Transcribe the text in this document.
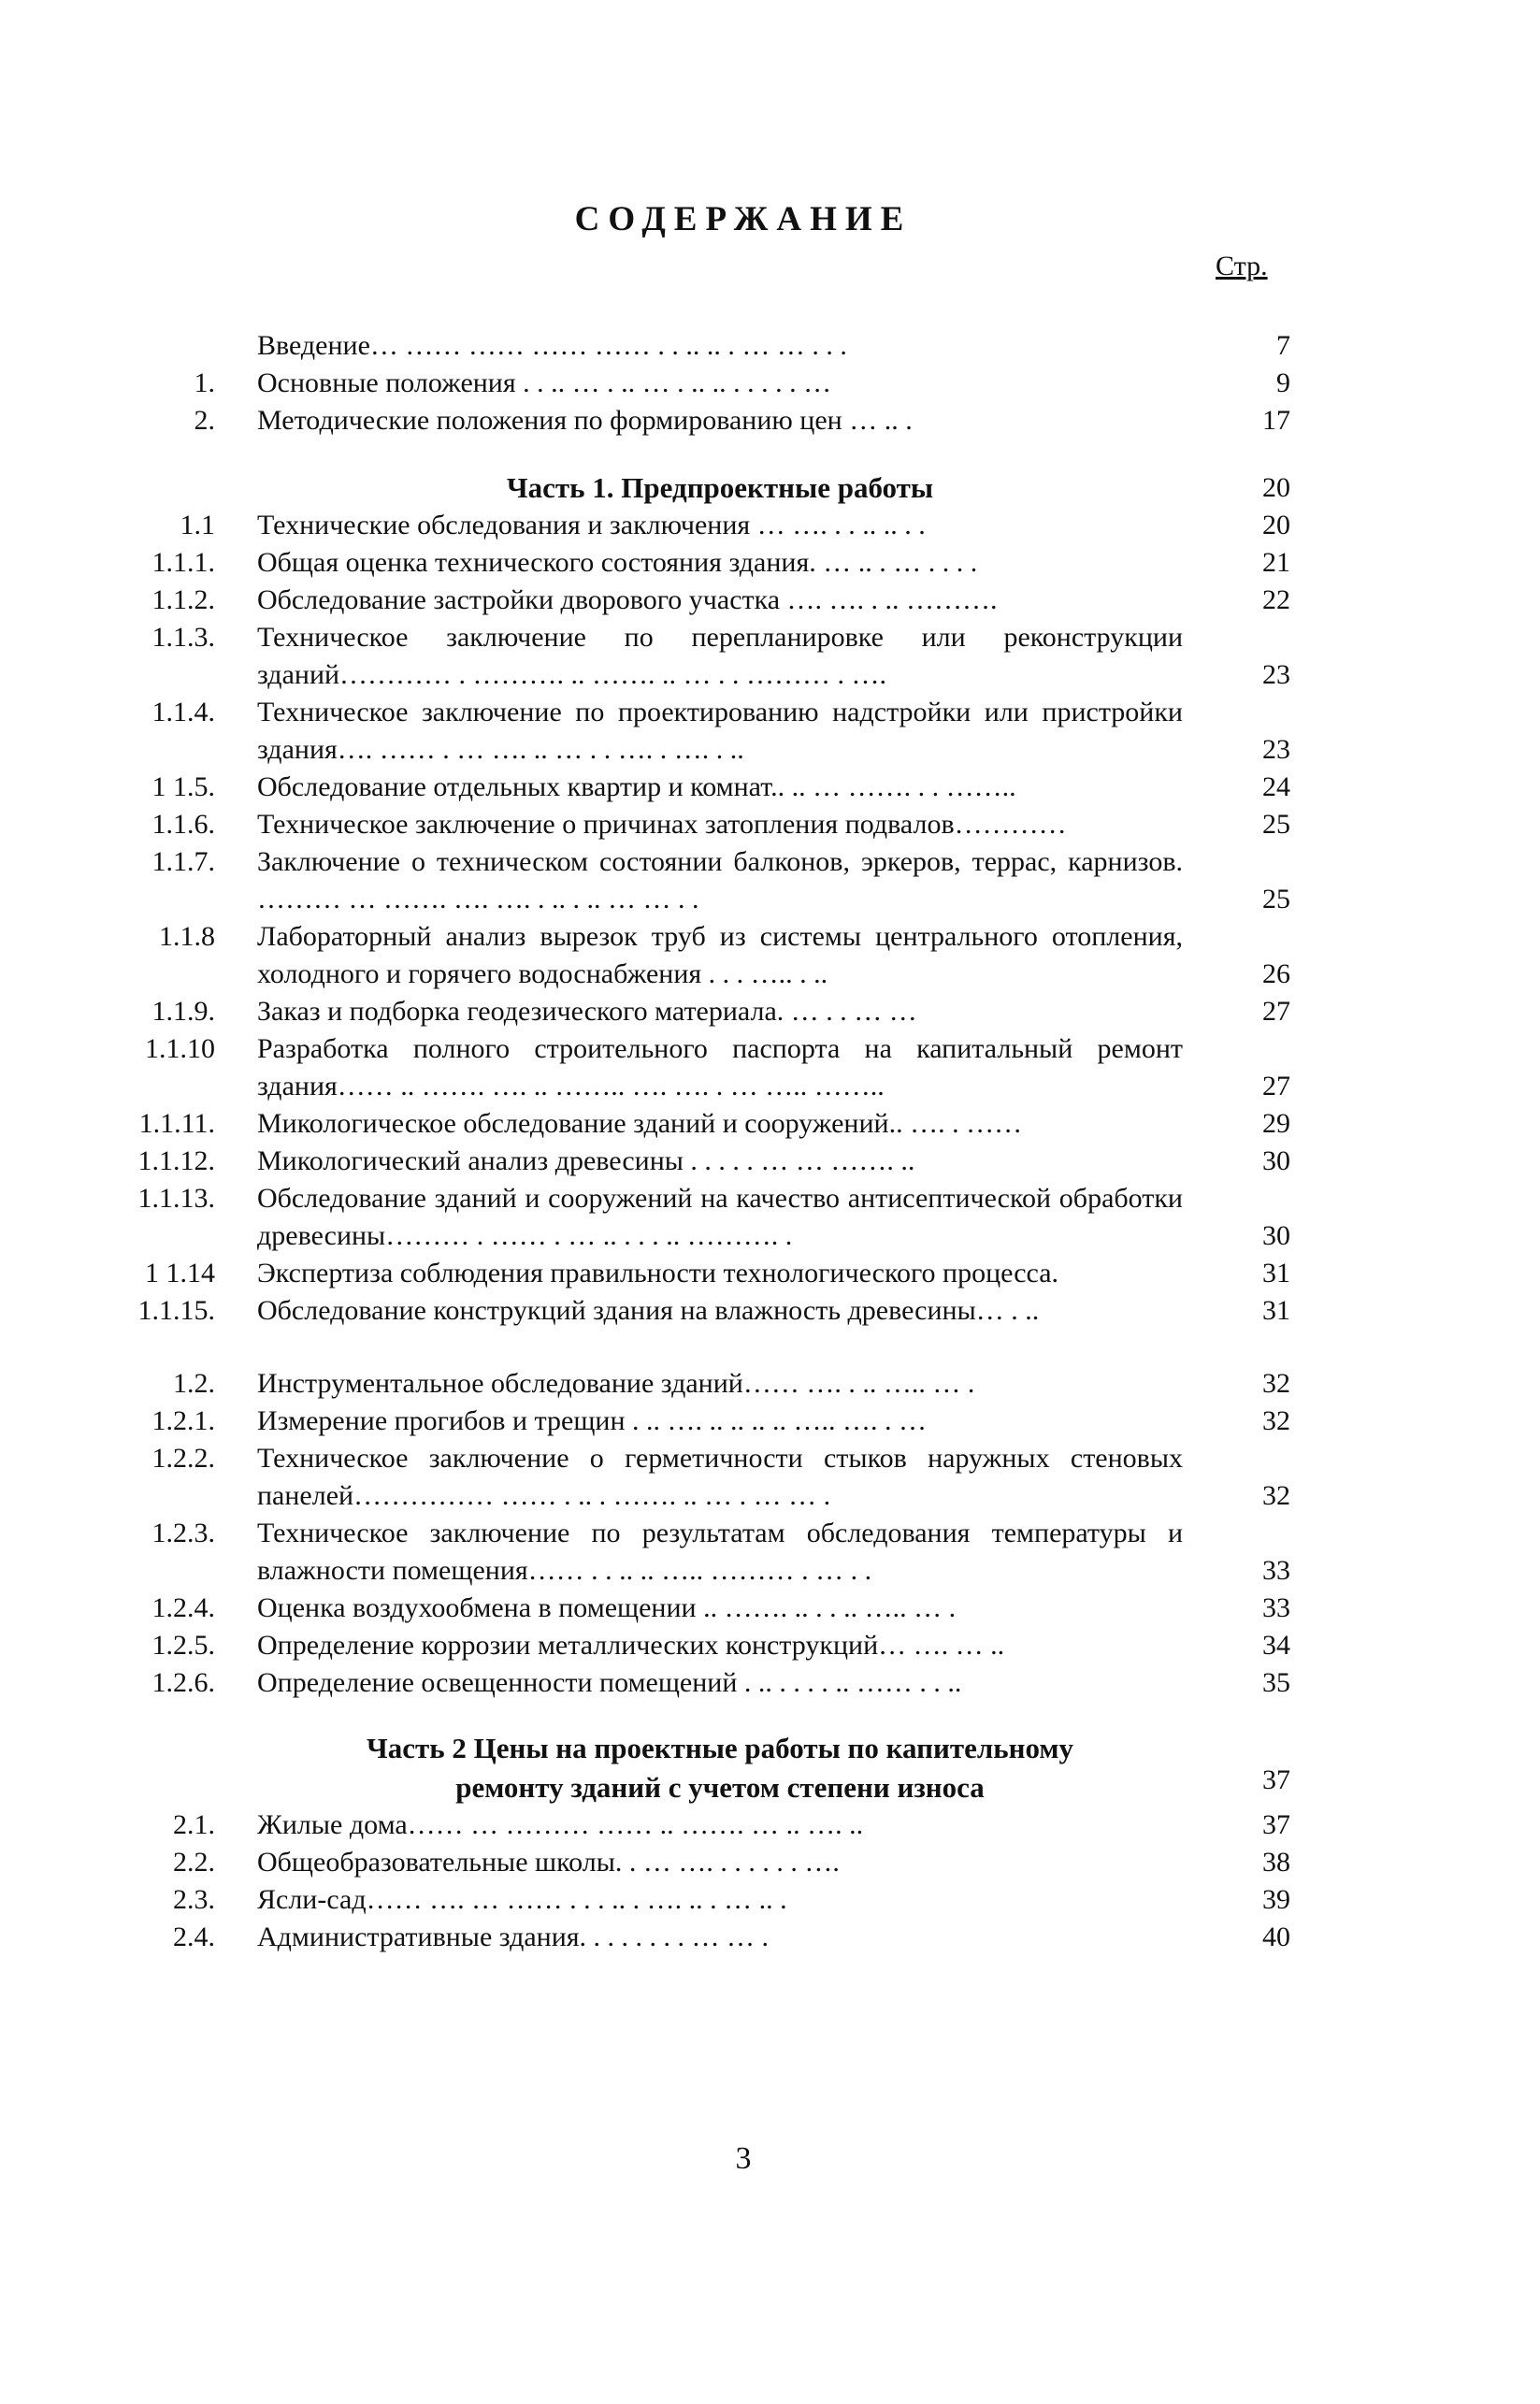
СОДЕРЖАНИЕ
Стр.
Введение… …… …… …… …… . . .. .. . … … . . .	7
1. Основные положения . . .. … . .. … . .. .. . . . . . …	9
2. Методические положения по формированию цен … .. .	17
Часть 1. Предпроектные работы	20
1.1 Технические обследования и заключения … …. . . .. .. . .	20
1.1.1. Общая оценка технического состояния здания. … .. . … . . . .	21
1.1.2. Обследование застройки дворового участка …. …. . .. ……….	22
1.1.3. Техническое заключение по перепланировке или реконструкции зданий………… . ………. .. ……. .. … . . ……… . ….	23
1.1.4. Техническое заключение по проектированию надстройки или пристройки здания…. …… . … …. .. … . . …. . …. . ..	23
1 1.5. Обследование отдельных квартир и комнат.. .. … ……. . . ……..	24
1.1.6. Техническое заключение о причинах затопления подвалов…………	25
1.1.7. Заключение о техническом состоянии балконов, эркеров, террас, карнизов. ……… … ……. …. …. . .. . .. … … . .	25
1.1.8 Лабораторный анализ вырезок труб из системы центрального отопления, холодного и горячего водоснабжения . . . ….. . ..	26
1.1.9. Заказ и подборка геодезического материала. … . . … …	27
1.1.10 Разработка полного строительного паспорта на капитальный ремонт здания…… .. ……. …. .. …….. …. …. . … ….. ……..	27
1.1.11. Микологическое обследование зданий и сооружений.. …. . ……	29
1.1.12. Микологический анализ древесины . . . . . … … ……. ..	30
1.1.13. Обследование зданий и сооружений на качество антисептической обработки древесины……… . …… . … .. . . . .. ………. .	30
1 1.14 Экспертиза соблюдения правильности технологического процесса.	31
1.1.15. Обследование конструкций здания на влажность древесины… . ..	31
1.2. Инструментальное обследование зданий…… …. . .. ….. … .	32
1.2.1. Измерение прогибов и трещин . .. …. .. .. .. .. ….. …. . …	32
1.2.2. Техническое заключение о герметичности стыков наружных стеновых панелей…………… …… . .. . ……. .. … . … … .	32
1.2.3. Техническое заключение по результатам обследования температуры и влажности помещения…… . . .. .. ….. ……… . … . .	33
1.2.4. Оценка воздухообмена в помещении .. ……. .. . . .. ….. … .	33
1.2.5. Определение коррозии металлических конструкций… …. … ..	34
1.2.6. Определение освещенности помещений . .. . . . . .. …… . . ..	35
Часть 2 Цены на проектные работы по капительному
ремонту зданий с учетом степени износа	37
2.1. Жилые дома…… … ……… …… .. ……. … .. …. ..	37
2.2. Общеобразовательные школы. . … …. . . . . . . ….	38
2.3. Ясли-сад…… …. … …… . . . .. . …. .. . … .. .	39
2.4. Административные здания. . . . . . . . … … .	40
3
